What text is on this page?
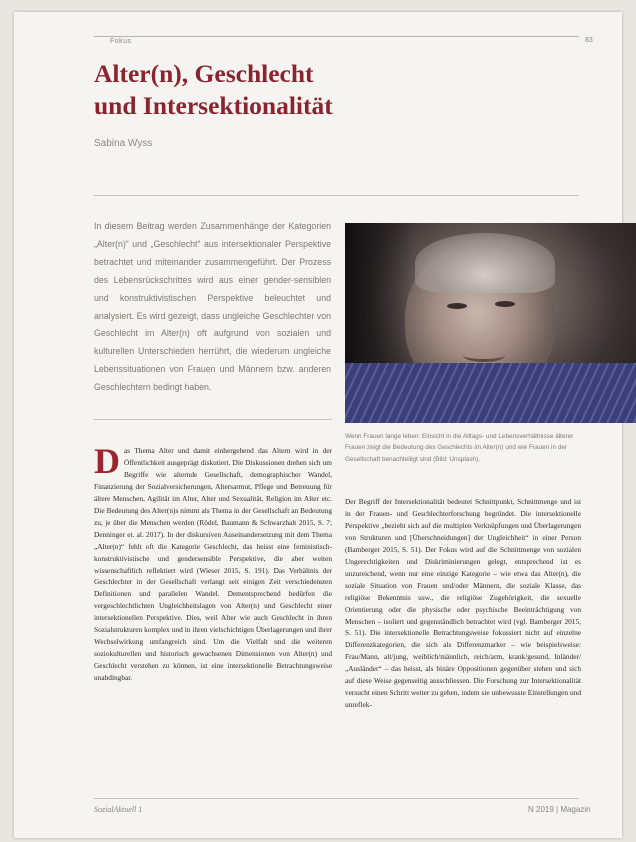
Fokus	83
Alter(n), Geschlecht
und Intersektionalität
Sabina Wyss

In diesem Beitrag werden Zusammenhänge der Kategorien „Alter(n)“ und „Geschlecht“ aus intersektionaler Perspektive betrachtet und miteinander zusammengeführt. Der Prozess des Lebensrückschrittes wird aus einer gender-sensiblen und konstruktivistischen Perspektive beleuchtet und analysiert. Es wird gezeigt, dass ungleiche Geschlechter von Geschlecht im Alter(n) oft aufgrund von sozialen und kulturellen Unterschieden herrührt, die wiederum ungleiche Lebenssituationen von Frauen und Männern bzw. anderen Geschlechtern bedingt haben.

Wenn Frauen lange leben: Einsicht in die Alltags- und Lebensverhältnisse älterer Frauen zeigt die Bedeutung des Geschlechts im Alter(n) und wie Frauen in der Gesellschaft benachteiligt sind (Bild: Unsplash).

D as Thema Alter und damit einhergehend das Altern wird in der Öffentlichkeit ausgeprägt diskutiert. Die Diskussionen drehen sich um Begriffe wie alternde Gesellschaft, demographischer Wandel, Finanzierung der Sozialversicherungen, Altersarmut, Pflege und Betreuung für ältere Menschen, Agilität im Alter, Alter und Sexualität, Religion im Alter etc. Die Bedeutung des Alter(n)s nimmt als Thema in der Gesellschaft an Bedeutung zu, je über die Menschen werden (Rödel, Baumann & Schwarzhalt 2015, S. 7; Denninger et. al. 2017). In der diskursiven Auseinandersetzung mit dem Thema „Alter(n)“ fehlt oft die Kategorie Geschlecht, das heisst eine feministisch-konstruktivistische und gendersensible Perspektive, die aber weiten wissenschaftlich reflektiert wird (Wieser 2015, S. 191). Das Verhältnis der Geschlechter in der Gesellschaft verlangt seit einigen Zeit verschiedensten Definitionen und parallelen Wandel. Dementsprechend bedürfen die vergeschlechtlichten Ungleichheitslagen von Alter(n) und Geschlecht einer intersektionellen Perspektive. Dies, weil Alter wie auch Geschlecht in ihren Sozialstrukturen komplex und in ihren vielschichtigen Überlagerungen und ihrer Wechselwirkung umfangreich sind. Um die Vielfalt und die weiteren soziokulturellen und historisch gewachsenen Dimensionen von Alter(n) und Geschlecht verstehen zu können, ist eine intersektionelle Betrachtungsweise unabdingbar.

Der Begriff der Intersektionalität bedeutet Schnittpunkt, Schnittmenge und ist in der Frauen- und Geschlechterforschung begründet. Die intersektionelle Perspektive „bezieht sich auf die multiplen Verknüpfungen und Überlagerungen von Strukturen und [Überschneidungen] der Ungleichheit“ in einer Person (Bamberger 2015, S. 51). Der Fokus wird auf die Schnittmenge von sozialen Ungerechtigkeiten und Diskriminierungen gelegt, entsprechend ist es unzureichend, wenn nur eine einzige Kategorie – wie etwa das Alter(n), die soziale Situation von Frauen und/oder Männern, die soziale Klasse, das religiöse Bekenntnis usw., die religiöse Zugehörigkeit, die sexuelle Orientierung oder die physische oder psychische Beeinträchtigung von Menschen – isoliert und gegenständlich betrachtet wird (vgl. Bamberger 2015, S. 51). Die intersektionelle Betrachtungsweise fokussiert nicht auf einzelne Differenzkategorien, die sich als Differenzmarker – wie beispielsweise: Frau/Mann, alt/jung, weiblich/männlich, reich/arm, krank/gesund, Inländer/„Ausländer“ – das heisst, als binäre Oppositionen gegenüber stehen und sich auf diese Weise gegenseitig ausschliessen. Die Forschung zur Intersektionalität versucht einen Schritt weiter zu gehen, indem sie unbewusste Einstellungen und unreflek-

SozialAktuell 1	N 2019 | Magazin
